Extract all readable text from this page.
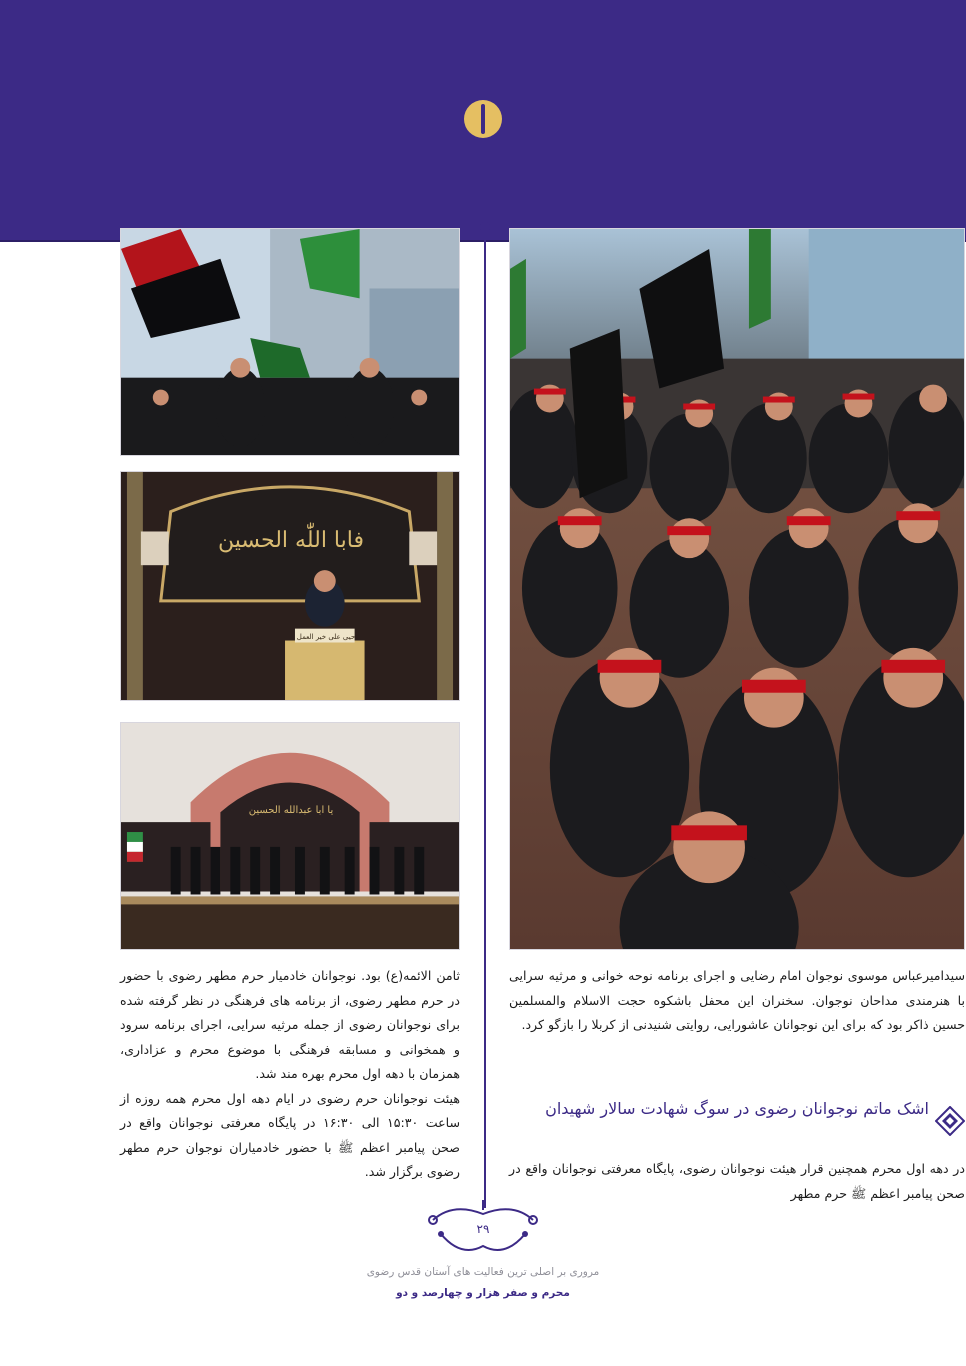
فابا اللّٰه الحسین
حیی علی خیر العمل
یا ابا عبدالله الحسین

ثامن الائمه(ع) بود. نوجوانان خادمیار حرم مطهر رضوی با حضور در حرم مطهر رضوی، از برنامه های فرهنگی در نظر گرفته شده برای نوجوانان رضوی از جمله مرثیه سرایی، اجرای برنامه سرود و همخوانی و مسابقه فرهنگی با موضوع محرم و عزاداری، همزمان با دهه اول محرم بهره مند شد.

هیئت نوجوانان حرم رضوی در ایام دهه اول محرم همه روزه از ساعت ۱۵:۳۰ الی ۱۶:۳۰ در پایگاه معرفتی نوجوانان واقع در صحن پیامبر اعظم ﷺ با حضور خادمیاران نوجوان حرم مطهر رضوی برگزار شد.

سیدامیرعباس موسوی نوجوان امام رضایی و اجرای برنامه نوحه خوانی و مرثیه سرایی با هنرمندی مداحان نوجوان. سخنران این محفل باشکوه حجت الاسلام والمسلمین حسین ذاکر بود که برای این نوجوانان عاشورایی، روایتی شنیدنی از کربلا را بازگو کرد.

اشک ماتم نوجوانان رضوی در سوگ شهادت سالار شهیدان

در دهه اول محرم همچنین قرار هیئت نوجوانان رضوی، پایگاه معرفتی نوجوانان واقع در صحن پیامبر اعظم ﷺ حرم مطهر

۲۹
مروری بر اصلی ترین فعالیت های آستان قدس رضوی
محرم و صفر هزار و چهارصد و دو
